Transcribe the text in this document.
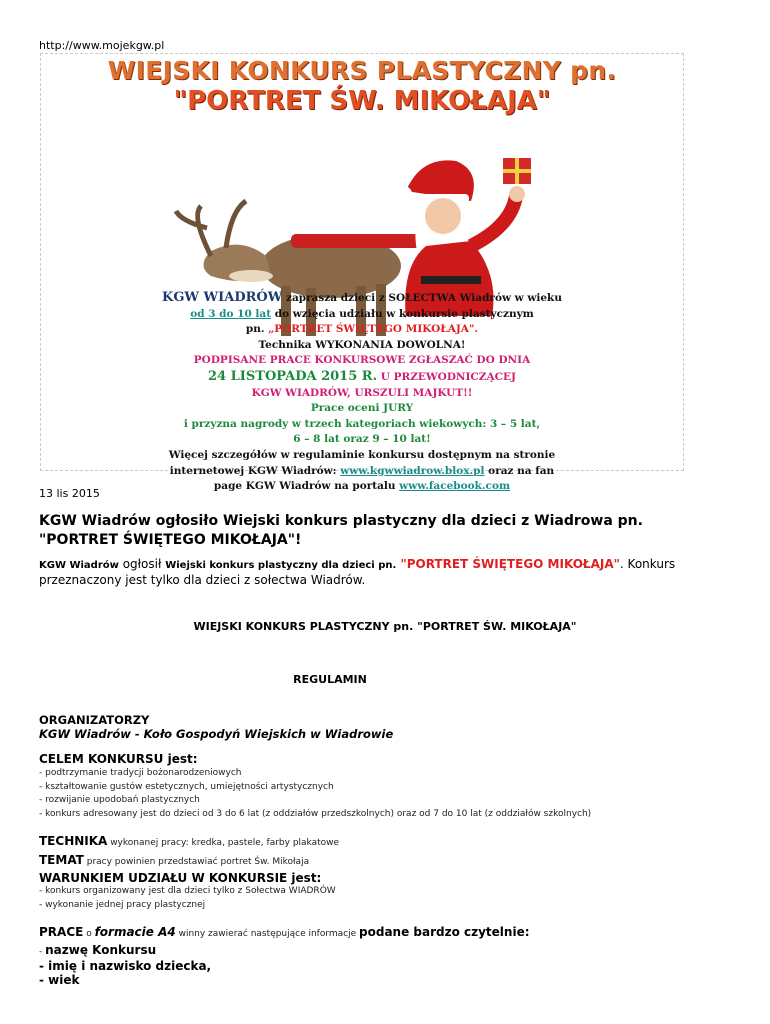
http://www.mojekgw.pl
WIEJSKI KONKURS PLASTYCZNY pn.
"PORTRET ŚW. MIKOŁAJA"
KGW WIADRÓW zaprasza dzieci z SOŁECTWA Wiadrów w wieku
od 3 do 10 lat do wzięcia udziału w konkursie plastycznym
pn. „PORTRET ŚWIĘTEGO MIKOŁAJA".
Technika WYKONANIA DOWOLNA!
PODPISANE PRACE KONKURSOWE ZGŁASZAĆ DO DNIA
24 LISTOPADA 2015 R. U PRZEWODNICZĄCEJ
KGW WIADRÓW, URSZULI MAJKUT!!
Prace oceni JURY
i przyzna nagrody w trzech kategoriach wiekowych: 3 – 5 lat,
6 – 8 lat oraz 9 – 10 lat!
Więcej szczegółów w regulaminie konkursu dostępnym na stronie
internetowej KGW Wiadrów: www.kgwwiadrow.blox.pl oraz na fan
page KGW Wiadrów na portalu www.facebook.com
13 lis 2015
KGW Wiadrów ogłosiło Wiejski konkurs plastyczny dla dzieci z Wiadrowa pn. "PORTRET ŚWIĘTEGO MIKOŁAJA"!
KGW Wiadrów ogłosił Wiejski konkurs plastyczny dla dzieci pn. "PORTRET ŚWIĘTEGO MIKOŁAJA". Konkurs przeznaczony jest tylko dla dzieci z sołectwa Wiadrów.
WIEJSKI KONKURS PLASTYCZNY pn. "PORTRET ŚW. MIKOŁAJA"
REGULAMIN
ORGANIZATORZY
KGW Wiadrów - Koło Gospodyń Wiejskich w Wiadrowie
CELEM KONKURSU jest:
- podtrzymanie tradycji bożonarodzeniowych
- kształtowanie gustów estetycznych, umiejętności artystycznych
- rozwijanie upodobań plastycznych
- konkurs adresowany jest do dzieci od 3 do 6 lat (z oddziałów przedszkolnych) oraz od 7 do 10 lat (z oddziałów szkolnych)
TECHNIKA wykonanej pracy: kredka, pastele, farby plakatowe
TEMAT pracy powinien przedstawiać portret Św. Mikołaja
WARUNKIEM UDZIAŁU W KONKURSIE jest:
- konkurs organizowany jest dla dzieci tylko z Sołectwa WIADRÓW
- wykonanie jednej pracy plastycznej
PRACE o formacie A4 winny zawierać następujące informacje podane bardzo czytelnie:
- nazwę Konkursu
- imię i nazwisko dziecka,
- wiek
